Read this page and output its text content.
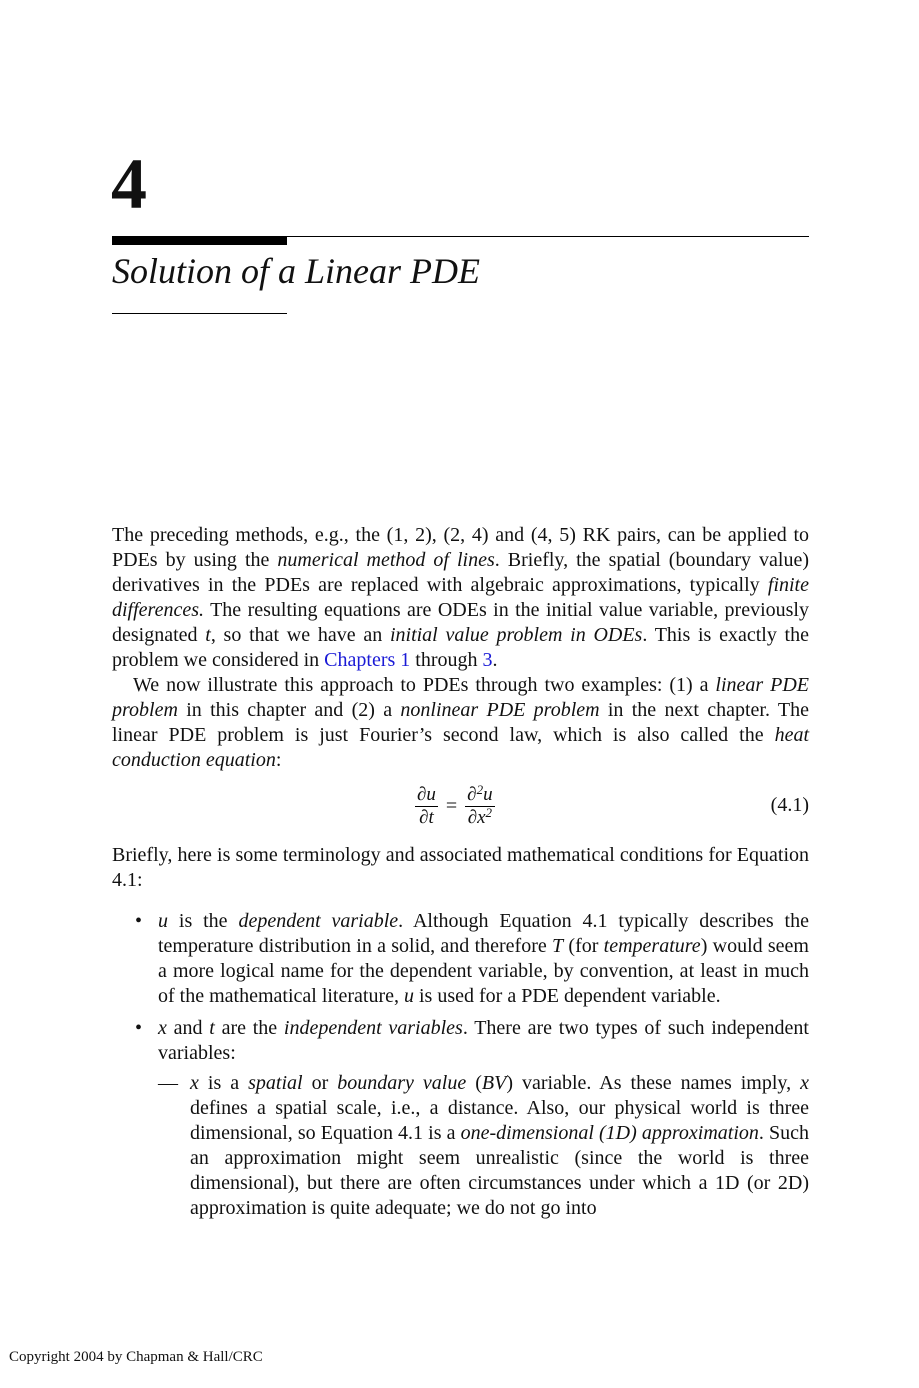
4
Solution of a Linear PDE

The preceding methods, e.g., the (1, 2), (2, 4) and (4, 5) RK pairs, can be applied to PDEs by using the numerical method of lines. Briefly, the spatial (boundary value) derivatives in the PDEs are replaced with algebraic approximations, typically finite differences. The resulting equations are ODEs in the initial value variable, previously designated t, so that we have an initial value problem in ODEs. This is exactly the problem we considered in Chapters 1 through 3.

We now illustrate this approach to PDEs through two examples: (1) a linear PDE problem in this chapter and (2) a nonlinear PDE problem in the next chapter. The linear PDE problem is just Fourier’s second law, which is also called the heat conduction equation:

$\frac{\partial u}{\partial t} = \frac{\partial^2u}{\partial x^2}$	(4.1)

Briefly, here is some terminology and associated mathematical conditions for Equation 4.1:

• u is the dependent variable. Although Equation 4.1 typically describes the temperature distribution in a solid, and therefore T (for temperature) would seem a more logical name for the dependent variable, by convention, at least in much of the mathematical literature, u is used for a PDE dependent variable.
• x and t are the independent variables. There are two types of such independent variables:
— x is a spatial or boundary value (BV) variable. As these names imply, x defines a spatial scale, i.e., a distance. Also, our physical world is three dimensional, so Equation 4.1 is a one-dimensional (1D) approximation. Such an approximation might seem unrealistic (since the world is three dimensional), but there are often circumstances under which a 1D (or 2D) approximation is quite adequate; we do not go into
Copyright 2004 by Chapman & Hall/CRC
